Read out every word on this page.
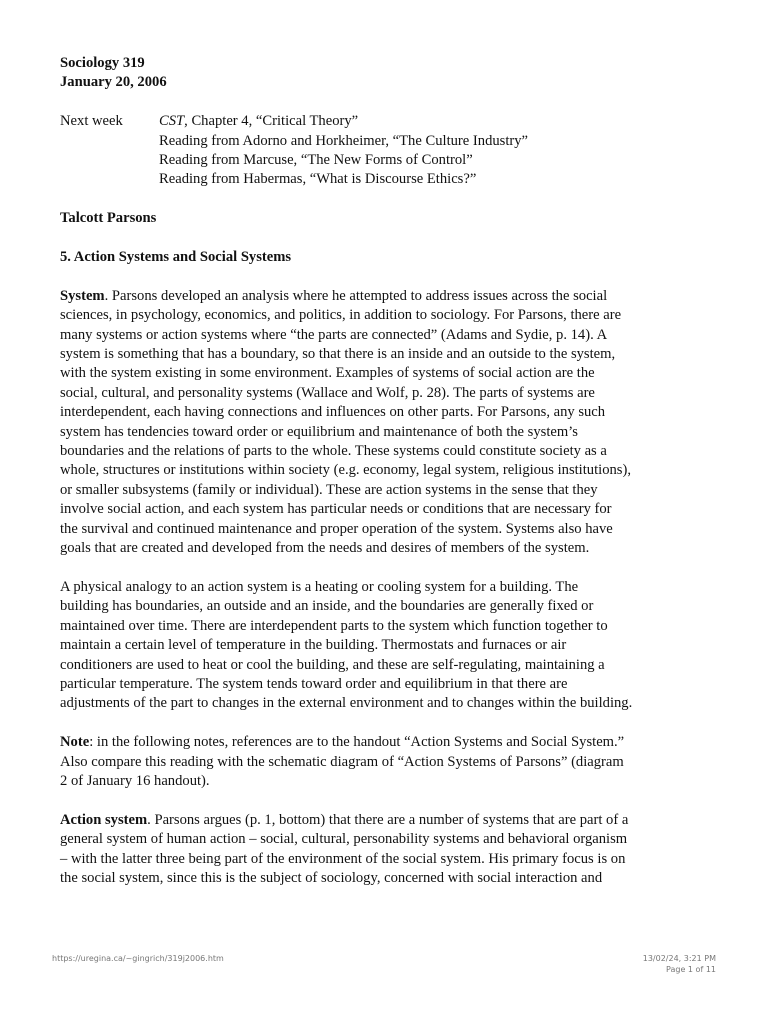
Sociology 319

January 20, 2006

Next week	CST, Chapter 4, “Critical Theory”

Reading from Adorno and Horkheimer, “The Culture Industry”

Reading from Marcuse, “The New Forms of Control”

Reading from Habermas, “What is Discourse Ethics?”

Talcott Parsons

5. Action Systems and Social Systems

System. Parsons developed an analysis where he attempted to address issues across the social

sciences, in psychology, economics, and politics, in addition to sociology. For Parsons, there are

many systems or action systems where “the parts are connected” (Adams and Sydie, p. 14). A

system is something that has a boundary, so that there is an inside and an outside to the system,

with the system existing in some environment. Examples of systems of social action are the

social, cultural, and personality systems (Wallace and Wolf, p. 28). The parts of systems are

interdependent, each having connections and influences on other parts. For Parsons, any such

system has tendencies toward order or equilibrium and maintenance of both the system’s

boundaries and the relations of parts to the whole. These systems could constitute society as a

whole, structures or institutions within society (e.g. economy, legal system, religious institutions),

or smaller subsystems (family or individual). These are action systems in the sense that they

involve social action, and each system has particular needs or conditions that are necessary for

the survival and continued maintenance and proper operation of the system. Systems also have

goals that are created and developed from the needs and desires of members of the system.

A physical analogy to an action system is a heating or cooling system for a building. The

building has boundaries, an outside and an inside, and the boundaries are generally fixed or

maintained over time. There are interdependent parts to the system which function together to

maintain a certain level of temperature in the building. Thermostats and furnaces or air

conditioners are used to heat or cool the building, and these are self-regulating, maintaining a

particular temperature. The system tends toward order and equilibrium in that there are

adjustments of the part to changes in the external environment and to changes within the building.

Note: in the following notes, references are to the handout “Action Systems and Social System.”

Also compare this reading with the schematic diagram of “Action Systems of Parsons” (diagram

2 of January 16 handout).

Action system. Parsons argues (p. 1, bottom) that there are a number of systems that are part of a

general system of human action – social, cultural, personability systems and behavioral organism

– with the latter three being part of the environment of the social system. His primary focus is on

the social system, since this is the subject of sociology, concerned with social interaction and

https://uregina.ca/~gingrich/319j2006.htm	13/02/24, 3:21 PM
Page 1 of 11
